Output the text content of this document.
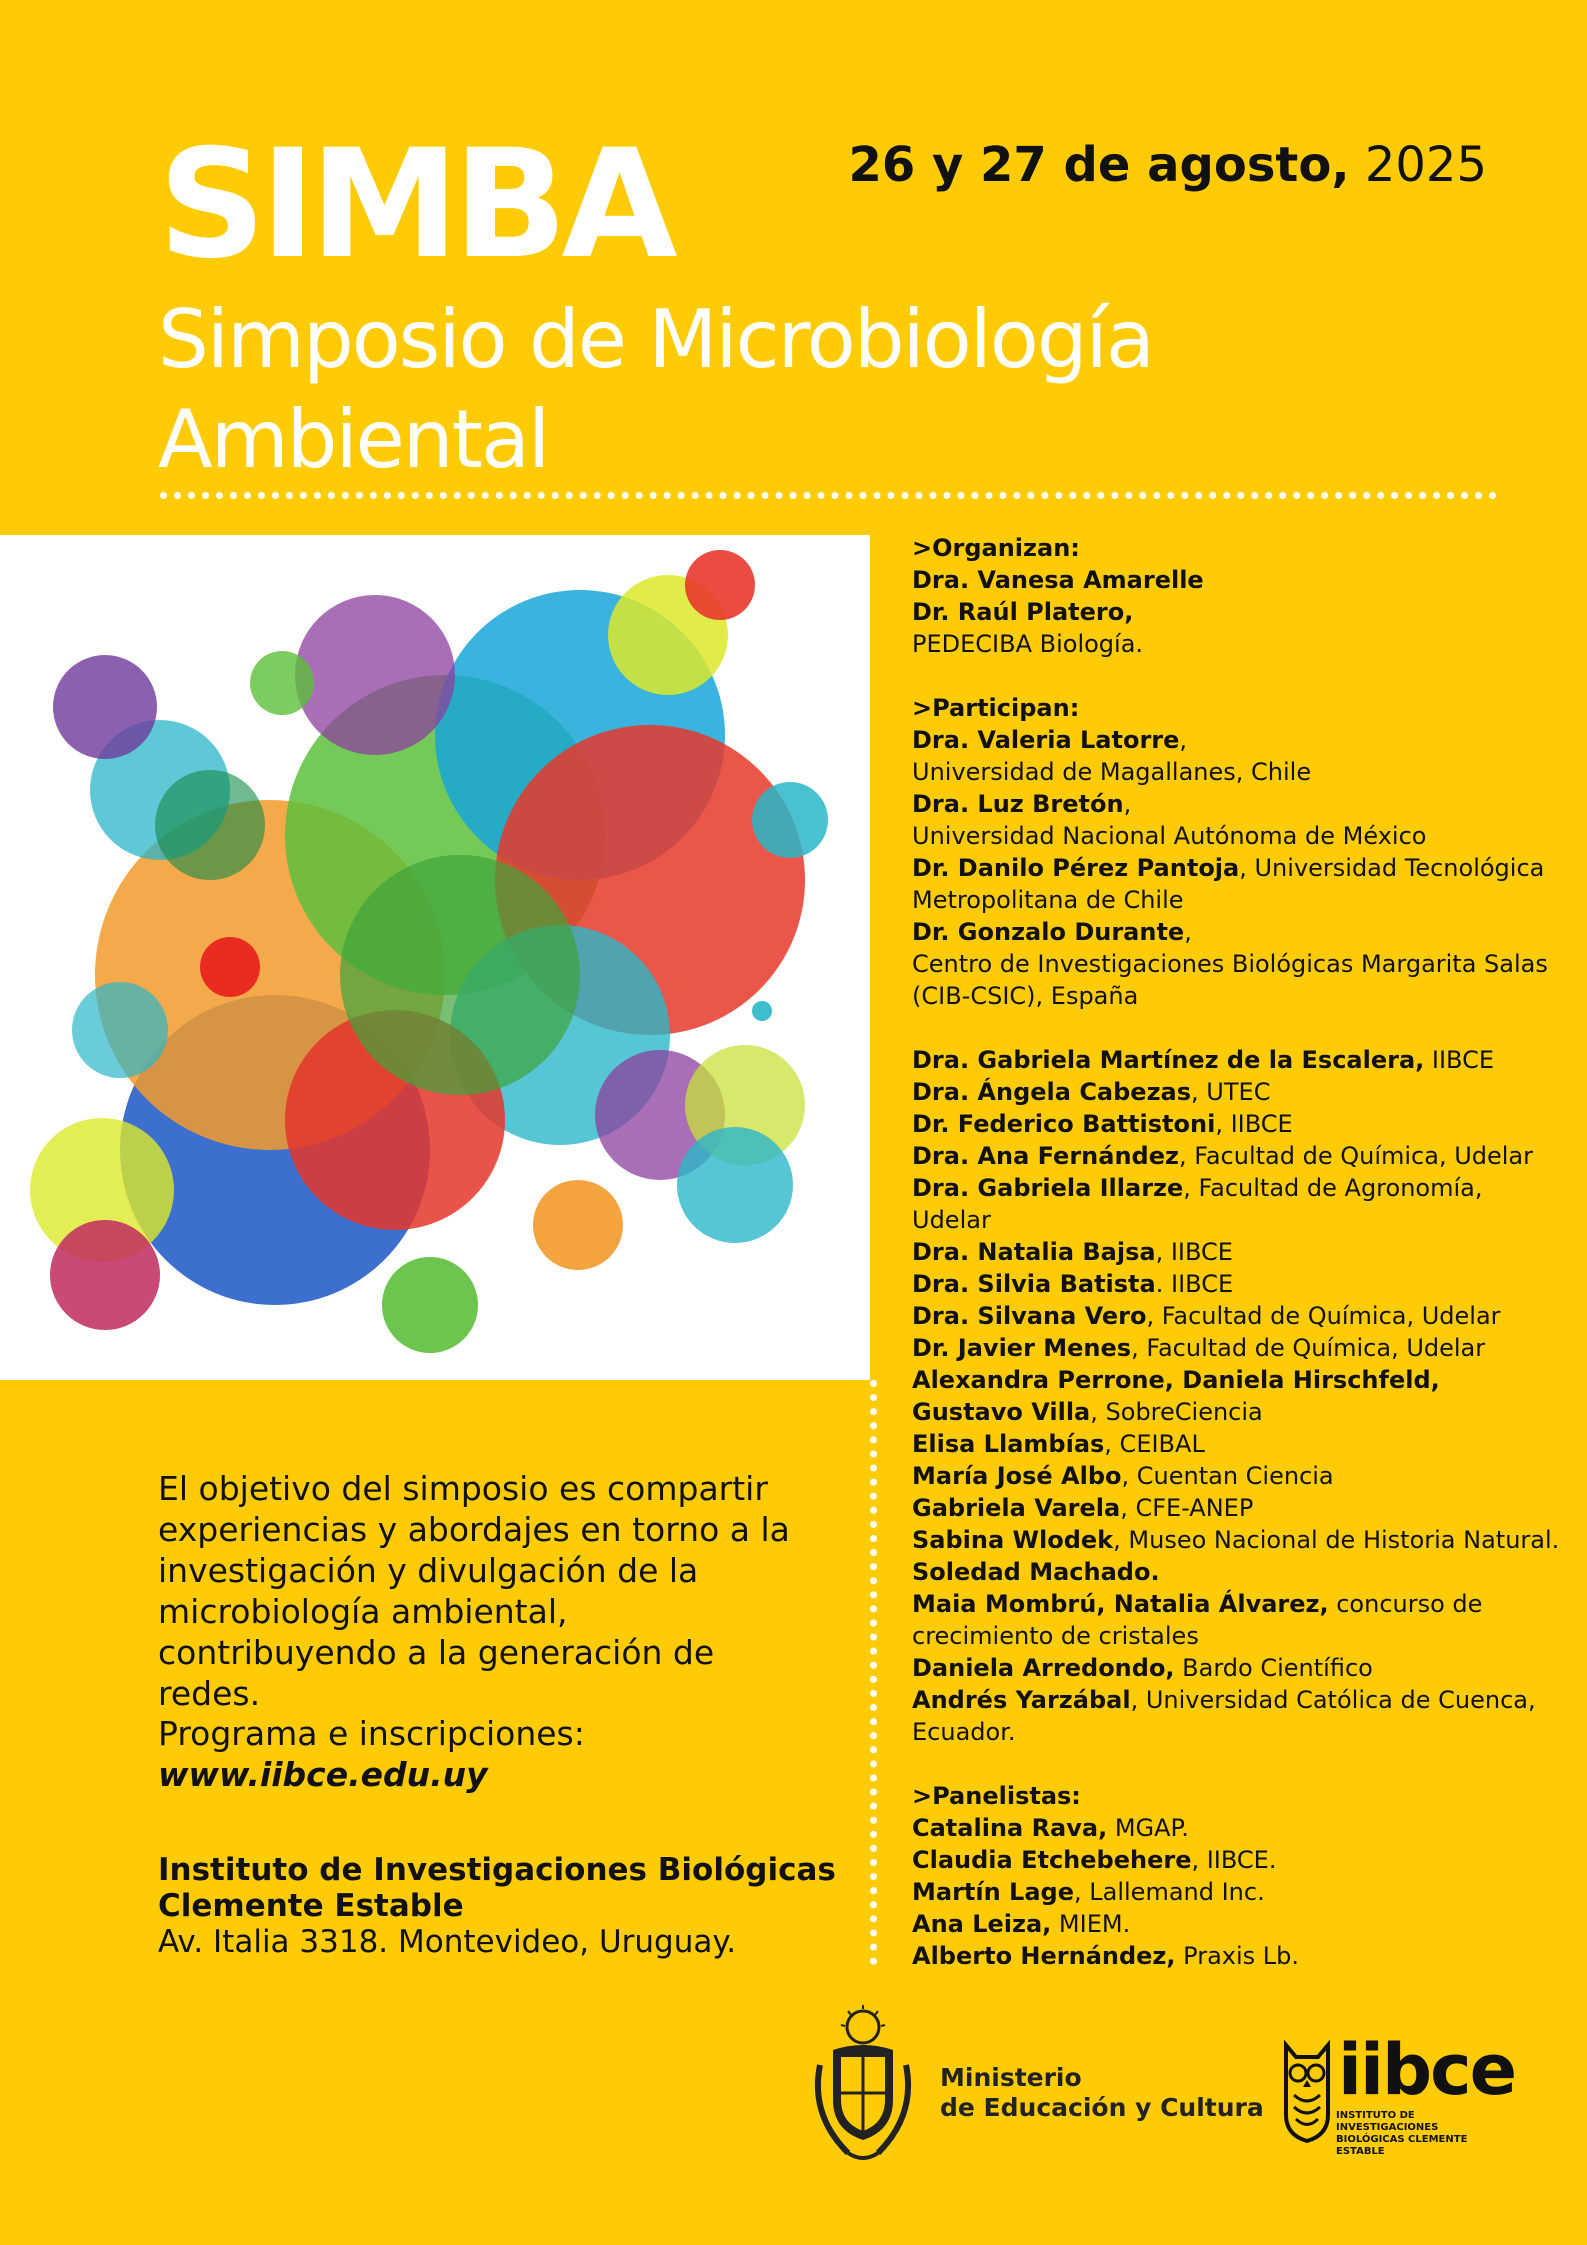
SIMBA
Simposio de Microbiología
Ambiental
26 y 27 de agosto, 2025

>Organizan:

Dra. Vanesa Amarelle

Dr. Raúl Platero,

PEDECIBA Biología.

>Participan:

Dra. Valeria Latorre,

Universidad de Magallanes, Chile

Dra. Luz Bretón,

Universidad Nacional Autónoma de México

Dr. Danilo Pérez Pantoja, Universidad Tecnológica

Metropolitana de Chile

Dr. Gonzalo Durante,

Centro de Investigaciones Biológicas Margarita Salas

(CIB-CSIC), España

Dra. Gabriela Martínez de la Escalera, IIBCE

Dra. Ángela Cabezas, UTEC

Dr. Federico Battistoni, IIBCE

Dra. Ana Fernández, Facultad de Química, Udelar

Dra. Gabriela Illarze, Facultad de Agronomía,

Udelar

Dra. Natalia Bajsa, IIBCE

Dra. Silvia Batista. IIBCE

Dra. Silvana Vero, Facultad de Química, Udelar

Dr. Javier Menes, Facultad de Química, Udelar

Alexandra Perrone, Daniela Hirschfeld,

Gustavo Villa, SobreCiencia

Elisa Llambías, CEIBAL

María José Albo, Cuentan Ciencia

Gabriela Varela, CFE-ANEP

Sabina Wlodek, Museo Nacional de Historia Natural.

Soledad Machado.

Maia Mombrú, Natalia Álvarez, concurso de

crecimiento de cristales

Daniela Arredondo, Bardo Científico

Andrés Yarzábal, Universidad Católica de Cuenca,

Ecuador.

>Panelistas:

Catalina Rava, MGAP.

Claudia Etchebehere, IIBCE.

Martín Lage, Lallemand Inc.

Ana Leiza, MIEM.

Alberto Hernández, Praxis Lb.

El objetivo del simposio es compartir
experiencias y abordajes en torno a la
investigación y divulgación de la
microbiología ambiental,
contribuyendo a la generación de redes.
Programa e inscripciones:
www.iibce.edu.uy
Instituto de Investigaciones Biológicas
Clemente Estable
Av. Italia 3318. Montevideo, Uruguay.
Ministerio
de Educación y Cultura iibce
INSTITUTO DE INVESTIGACIONES
BIOLÓGICAS CLEMENTE ESTABLE
